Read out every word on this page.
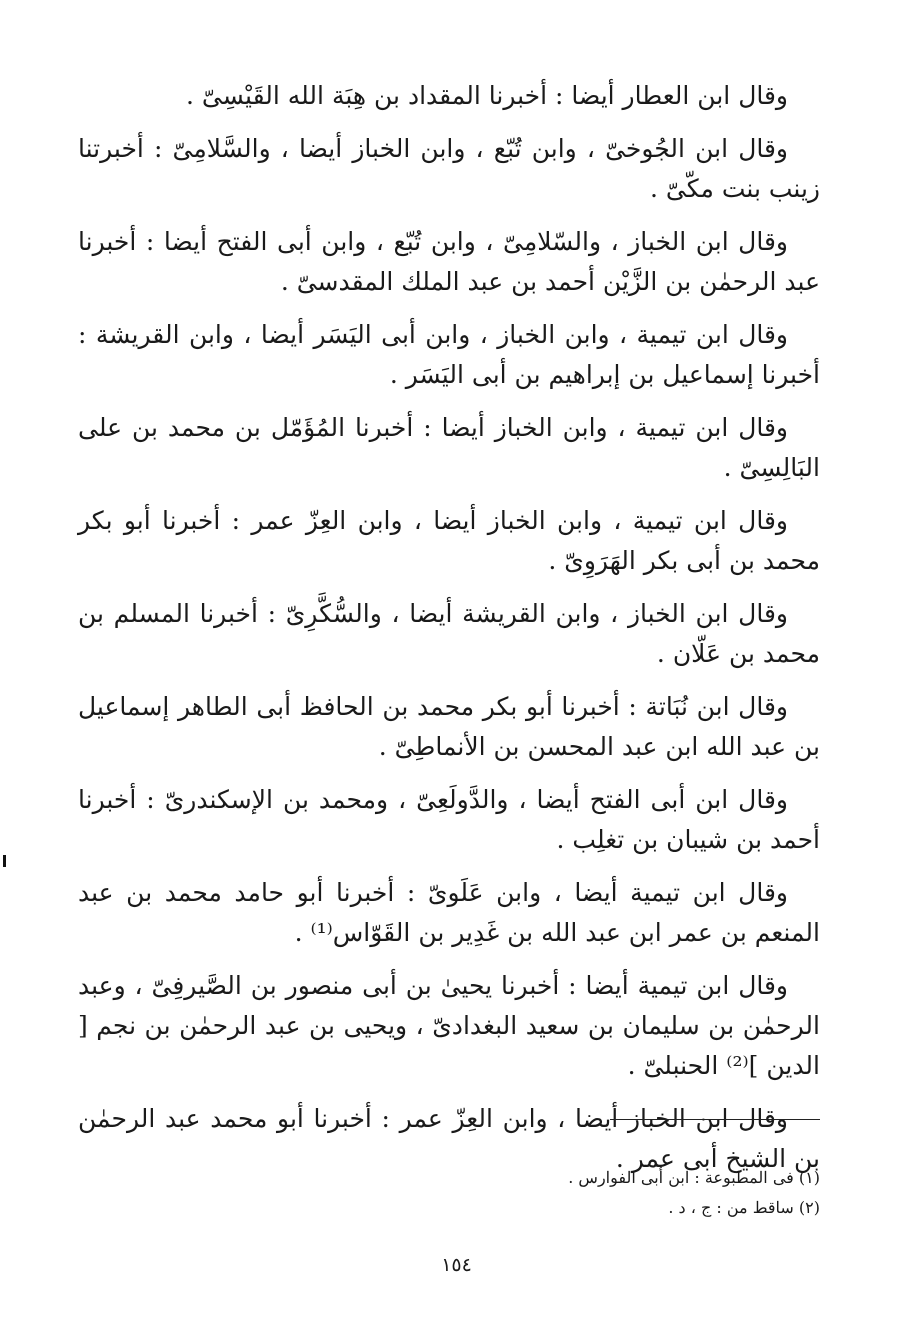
وقال ابن العطار أيضا : أخبرنا المقداد بن هِبَة الله القَيْسِىّ .

وقال ابن الجُوخىّ ، وابن تُبّع ، وابن الخباز أيضا ، والسَّلامِىّ : أخبرتنا زينب بنت مكّىّ .

وقال ابن الخباز ، والسّلامِىّ ، وابن تُبّع ، وابن أبى الفتح أيضا : أخبرنا عبد الرحمٰن بن الزَّيْن أحمد بن عبد الملك المقدسىّ .

وقال ابن تيمية ، وابن الخباز ، وابن أبى اليَسَر أيضا ، وابن القريشة : أخبرنا إسماعيل بن إبراهيم بن أبى اليَسَر .

وقال ابن تيمية ، وابن الخباز أيضا : أخبرنا المُؤَمّل بن محمد بن على البَالِسِىّ .

وقال ابن تيمية ، وابن الخباز أيضا ، وابن العِزّ عمر : أخبرنا أبو بكر محمد بن أبى بكر الهَرَوِىّ .

وقال ابن الخباز ، وابن القريشة أيضا ، والسُّكَّرِىّ : أخبرنا المسلم بن محمد بن عَلّان .

وقال ابن نُبَاتة : أخبرنا أبو بكر محمد بن الحافظ أبى الطاهر إسماعيل بن عبد الله ابن عبد المحسن بن الأنماطِىّ .

وقال ابن أبى الفتح أيضا ، والدَّولَعِىّ ، ومحمد بن الإسكندرىّ : أخبرنا أحمد بن شيبان بن تغلِب .

وقال ابن تيمية أيضا ، وابن عَلَوىّ : أخبرنا أبو حامد محمد بن عبد المنعم بن عمر ابن عبد الله بن غَدِير بن القَوّاس⁽¹⁾ .

وقال ابن تيمية أيضا : أخبرنا يحيىٰ بن أبى منصور بن الصَّيرفِىّ ، وعبد الرحمٰن بن سليمان بن سعيد البغدادىّ ، ويحيى بن عبد الرحمٰن بن نجم [ الدين ]⁽²⁾ الحنبلىّ .

وقال ابن الخباز أيضا ، وابن العِزّ عمر : أخبرنا أبو محمد عبد الرحمٰن بن الشيخ أبى عمر .

(١) فى المطبوعة : ابن أبى الفوارس .

(٢) ساقط من : ج ، د .

١٥٤
